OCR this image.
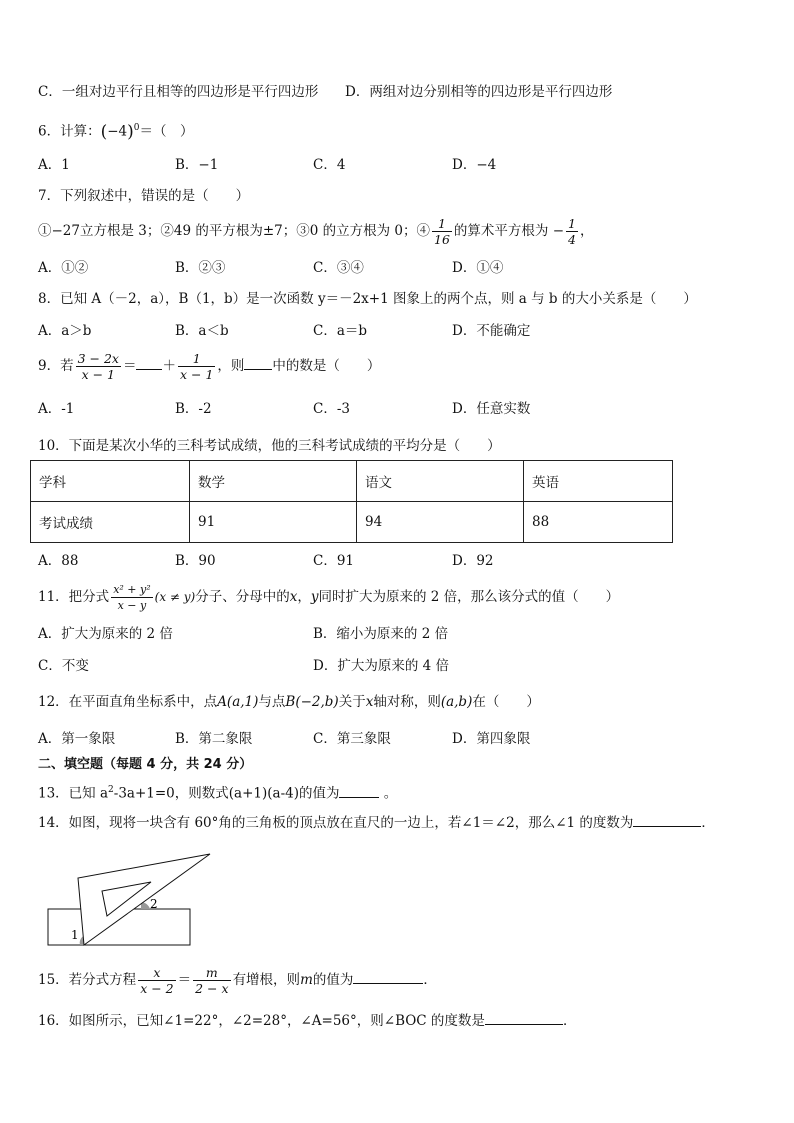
C．一组对边平行且相等的四边形是平行四边形 D．两组对边分别相等的四边形是平行四边形
6．计算：$(-4)^0=$（　）
A．1	B．−1	C．4	D．−4
7．下列叙述中，错误的是（　　）
①−27立方根是 3；②49 的平方根为±7；③0 的立方根为 0；④ $\frac{1}{16}$ 的算术平方根为 − $\frac{1}{4}$ ，
A．①②	B．②③	C．③④	D．①④
8．已知 A（－2，a），B（1，b）是一次函数 y＝－2x+1 图象上的两个点，则 a 与 b 的大小关系是（　　）
A．a＞b	B．a＜b	C．a＝b	D．不能确定
9．若 $\frac{3 - 2x}{x - 1}$ ＝ ＋ $\frac{1}{x - 1}$ ，则 中的数是（　　）
A．-1	B．-2	C．-3	D．任意实数
10．下面是某次小华的三科考试成绩，他的三科考试成绩的平均分是（　　）
学科	数学	语文	英语
考试成绩	91	94	88
A．88	B．90	C．91	D．92
11．把分式 $\frac{\text{x² + y²}}{x - y} (x \ne y)$分子、分母中的x，y同时扩大为原来的 2 倍，那么该分式的值（　　）
A．扩大为原来的 2 倍	B．缩小为原来的 2 倍
C．不变	D．扩大为原来的 4 倍
12．在平面直角坐标系中，点A(a,1)与点B(−2,b)关于x轴对称，则(a,b)在（　　）
A．第一象限	B．第二象限	C．第三象限	D．第四象限
二、填空题（每题 4 分，共 24 分）
13．已知 $a^2-3a+1=0$，则数式(a+1)(a-4)的值为	。
14．如图，现将一块含有 60°角的三角板的顶点放在直尺的一边上，若∠1＝∠2，那么∠1 的度数为	．
1
2
15．若分式方程 $\frac{x}{x - 2} = \frac{m}{2 - x}$ 有增根，则m的值为	．
16．如图所示，已知∠1=22°，∠2=28°，∠A=56°，则∠BOC 的度数是	．
